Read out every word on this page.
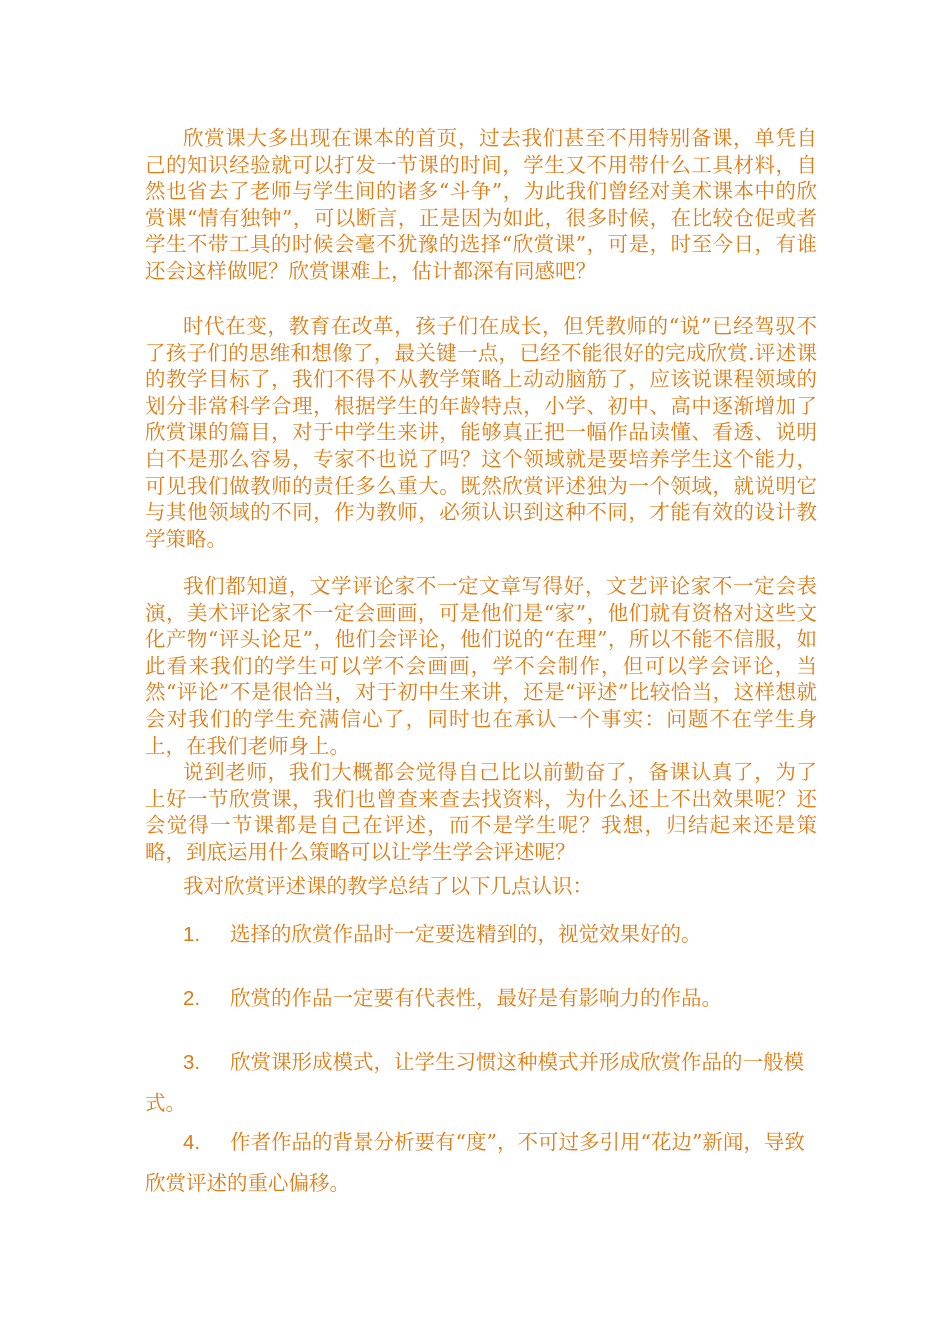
欣赏课大多出现在课本的首页，过去我们甚至不用特别备课，单凭自己的知识经验就可以打发一节课的时间，学生又不用带什么工具材料，自然也省去了老师与学生间的诸多“斗争”，为此我们曾经对美术课本中的欣赏课“情有独钟”，可以断言，正是因为如此，很多时候，在比较仓促或者学生不带工具的时候会毫不犹豫的选择“欣赏课”，可是，时至今日，有谁还会这样做呢？欣赏课难上，估计都深有同感吧？

时代在变，教育在改革，孩子们在成长，但凭教师的“说”已经驾驭不了孩子们的思维和想像了，最关键一点，已经不能很好的完成欣赏.评述课的教学目标了，我们不得不从教学策略上动动脑筋了，应该说课程领域的划分非常科学合理，根据学生的年龄特点，小学、初中、高中逐渐增加了欣赏课的篇目，对于中学生来讲，能够真正把一幅作品读懂、看透、说明白不是那么容易，专家不也说了吗？这个领域就是要培养学生这个能力，可见我们做教师的责任多么重大。既然欣赏评述独为一个领域，就说明它与其他领域的不同，作为教师，必须认识到这种不同，才能有效的设计教学策略。

我们都知道，文学评论家不一定文章写得好，文艺评论家不一定会表演，美术评论家不一定会画画，可是他们是“家”，他们就有资格对这些文化产物“评头论足”，他们会评论，他们说的“在理”，所以不能不信服，如此看来我们的学生可以学不会画画，学不会制作，但可以学会评论，当然“评论”不是很恰当，对于初中生来讲，还是“评述”比较恰当，这样想就会对我们的学生充满信心了，同时也在承认一个事实：问题不在学生身上，在我们老师身上。

说到老师，我们大概都会觉得自己比以前勤奋了，备课认真了，为了上好一节欣赏课，我们也曾查来查去找资料，为什么还上不出效果呢？还会觉得一节课都是自己在评述，而不是学生呢？我想，归结起来还是策略，到底运用什么策略可以让学生学会评述呢？

我对欣赏评述课的教学总结了以下几点认识：

1. 选择的欣赏作品时一定要选精到的，视觉效果好的。
2. 欣赏的作品一定要有代表性，最好是有影响力的作品。
3. 欣赏课形成模式，让学生习惯这种模式并形成欣赏作品的一般模式。
4. 作者作品的背景分析要有“度”，不可过多引用“花边”新闻，导致欣赏评述的重心偏移。
